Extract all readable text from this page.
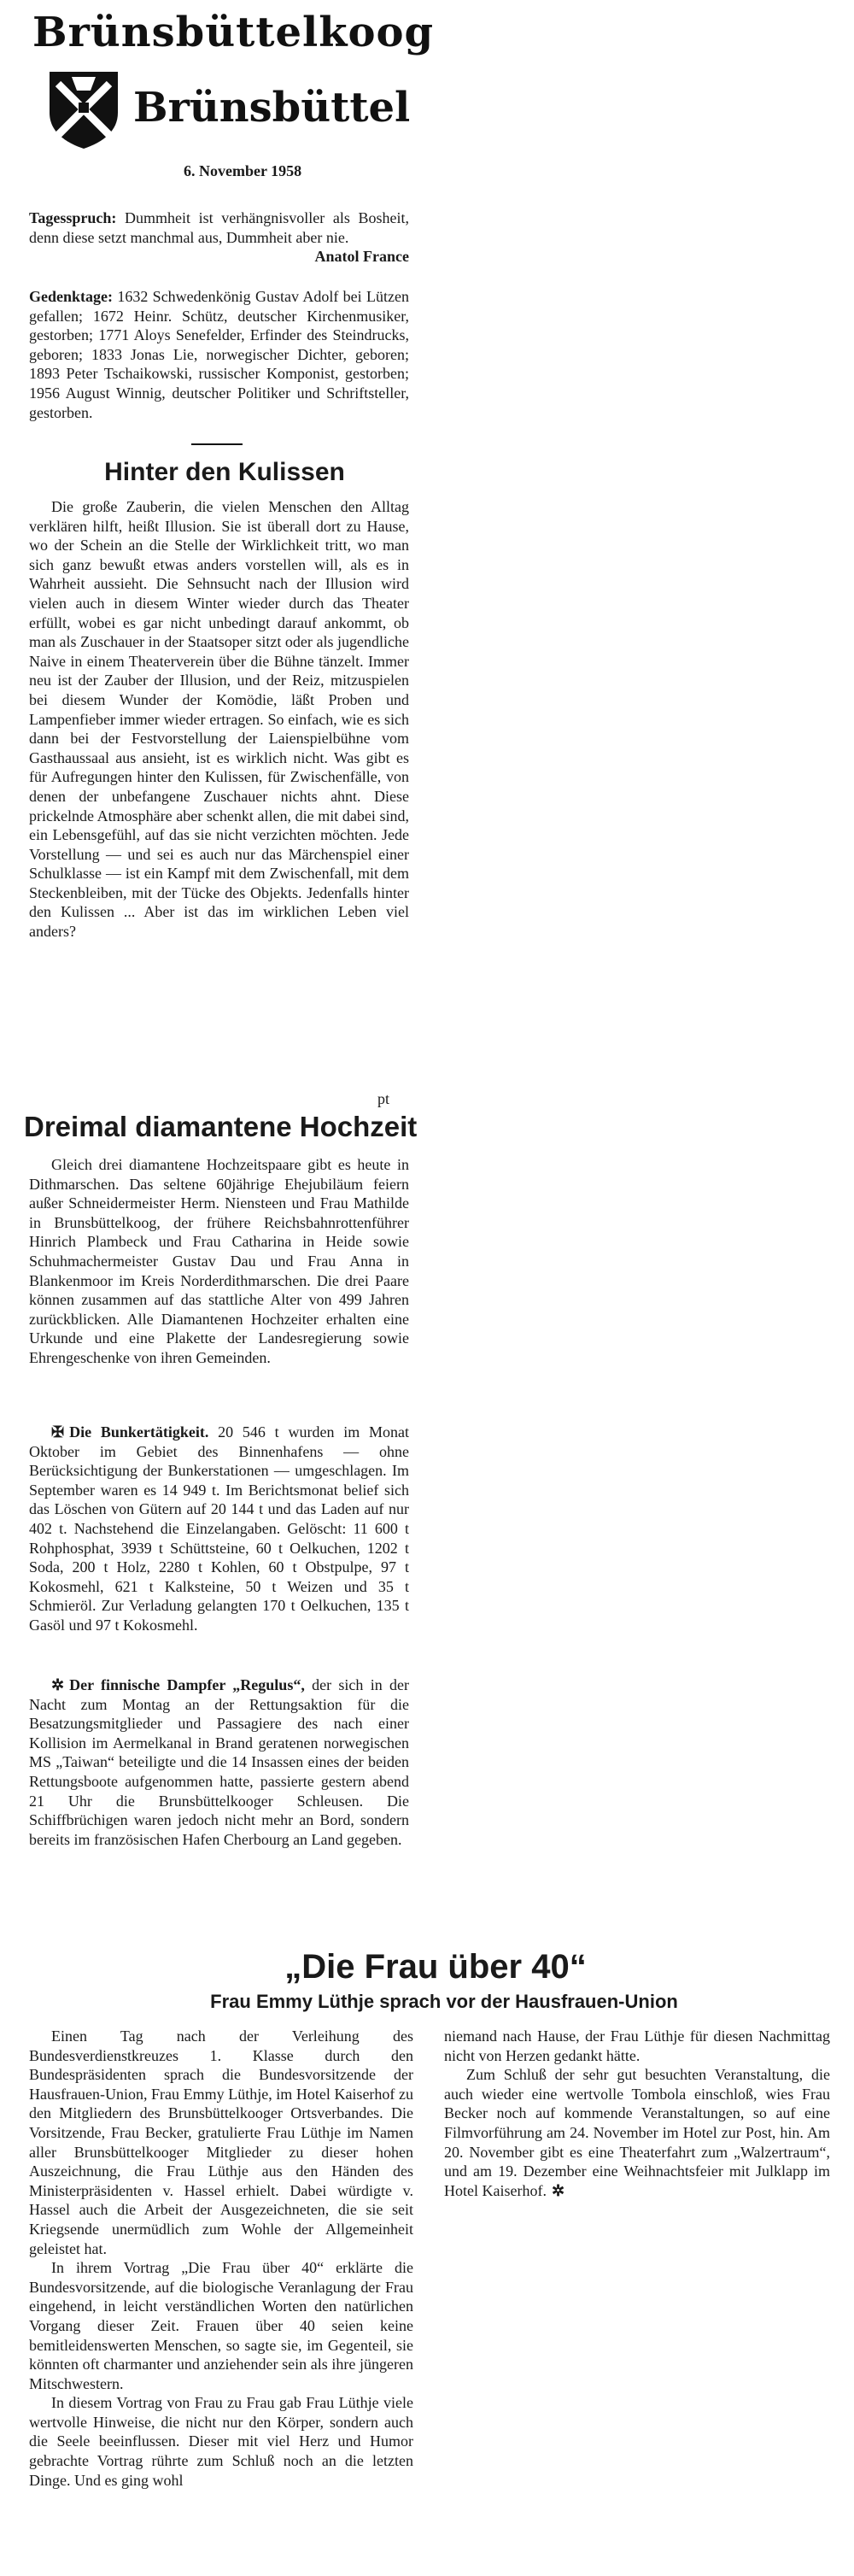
Brünsbüttelkoog
Brünsbüttel
6. November 1958

Tagesspruch: Dummheit ist verhängnisvoller als Bosheit, denn diese setzt manchmal aus, Dummheit aber nie.
Anatol France

Gedenktage: 1632 Schwedenkönig Gustav Adolf bei Lützen gefallen; 1672 Heinr. Schütz, deutscher Kirchenmusiker, gestorben; 1771 Aloys Senefelder, Erfinder des Steindrucks, geboren; 1833 Jonas Lie, norwegischer Dichter, geboren; 1893 Peter Tschaikowski, russischer Komponist, gestorben; 1956 August Winnig, deutscher Politiker und Schriftsteller, gestorben.

Hinter den Kulissen

Die große Zauberin, die vielen Menschen den Alltag verklären hilft, heißt Illusion. Sie ist überall dort zu Hause, wo der Schein an die Stelle der Wirklichkeit tritt, wo man sich ganz bewußt etwas anders vorstellen will, als es in Wahrheit aussieht. Die Sehnsucht nach der Illusion wird vielen auch in diesem Winter wieder durch das Theater erfüllt, wobei es gar nicht unbedingt darauf ankommt, ob man als Zuschauer in der Staatsoper sitzt oder als jugendliche Naive in einem Theaterverein über die Bühne tänzelt. Immer neu ist der Zauber der Illusion, und der Reiz, mitzuspielen bei diesem Wunder der Komödie, läßt Proben und Lampenfieber immer wieder ertragen. So einfach, wie es sich dann bei der Festvorstellung der Laienspielbühne vom Gasthaussaal aus ansieht, ist es wirklich nicht. Was gibt es für Aufregungen hinter den Kulissen, für Zwischenfälle, von denen der unbefangene Zuschauer nichts ahnt. Diese prickelnde Atmosphäre aber schenkt allen, die mit dabei sind, ein Lebensgefühl, auf das sie nicht verzichten möchten. Jede Vorstellung — und sei es auch nur das Märchenspiel einer Schulklasse — ist ein Kampf mit dem Zwischenfall, mit dem Steckenbleiben, mit der Tücke des Objekts. Jedenfalls hinter den Kulissen ... Aber ist das im wirklichen Leben viel anders?

pt
Dreimal diamantene Hochzeit

Gleich drei diamantene Hochzeitspaare gibt es heute in Dithmarschen. Das seltene 60jährige Ehejubiläum feiern außer Schneidermeister Herm. Niensteen und Frau Mathilde in Brunsbüttelkoog, der frühere Reichsbahnrottenführer Hinrich Plambeck und Frau Catharina in Heide sowie Schuhmachermeister Gustav Dau und Frau Anna in Blankenmoor im Kreis Norderdithmarschen. Die drei Paare können zusammen auf das stattliche Alter von 499 Jahren zurückblicken. Alle Diamantenen Hochzeiter erhalten eine Urkunde und eine Plakette der Landesregierung sowie Ehrengeschenke von ihren Gemeinden.

✠ Die Bunkertätigkeit. 20 546 t wurden im Monat Oktober im Gebiet des Binnenhafens — ohne Berücksichtigung der Bunkerstationen — umgeschlagen. Im September waren es 14 949 t. Im Berichtsmonat belief sich das Löschen von Gütern auf 20 144 t und das Laden auf nur 402 t. Nachstehend die Einzelangaben. Gelöscht: 11 600 t Rohphosphat, 3939 t Schüttsteine, 60 t Oelkuchen, 1202 t Soda, 200 t Holz, 2280 t Kohlen, 60 t Obstpulpe, 97 t Kokosmehl, 621 t Kalksteine, 50 t Weizen und 35 t Schmieröl. Zur Verladung gelangten 170 t Oelkuchen, 135 t Gasöl und 97 t Kokosmehl.

✲ Der finnische Dampfer „Regulus“, der sich in der Nacht zum Montag an der Rettungsaktion für die Besatzungsmitglieder und Passagiere des nach einer Kollision im Aermelkanal in Brand geratenen norwegischen MS „Taiwan“ beteiligte und die 14 Insassen eines der beiden Rettungsboote aufgenommen hatte, passierte gestern abend 21 Uhr die Brunsbüttelkooger Schleusen. Die Schiffbrüchigen waren jedoch nicht mehr an Bord, sondern bereits im französischen Hafen Cherbourg an Land gegeben.

„Die Frau über 40“
Frau Emmy Lüthje sprach vor der Hausfrauen-Union

Einen Tag nach der Verleihung des Bundesverdienstkreuzes 1. Klasse durch den Bundespräsidenten sprach die Bundesvorsitzende der Hausfrauen-Union, Frau Emmy Lüthje, im Hotel Kaiserhof zu den Mitgliedern des Brunsbüttelkooger Ortsverbandes. Die Vorsitzende, Frau Becker, gratulierte Frau Lüthje im Namen aller Brunsbüttelkooger Mitglieder zu dieser hohen Auszeichnung, die Frau Lüthje aus den Händen des Ministerpräsidenten v. Hassel erhielt. Dabei würdigte v. Hassel auch die Arbeit der Ausgezeichneten, die sie seit Kriegsende unermüdlich zum Wohle der Allgemeinheit geleistet hat.

In ihrem Vortrag „Die Frau über 40“ erklärte die Bundesvorsitzende, auf die biologische Veranlagung der Frau eingehend, in leicht verständlichen Worten den natürlichen Vorgang dieser Zeit. Frauen über 40 seien keine bemitleidenswerten Menschen, so sagte sie, im Gegenteil, sie könnten oft charmanter und anziehender sein als ihre jüngeren Mitschwestern.

In diesem Vortrag von Frau zu Frau gab Frau Lüthje viele wertvolle Hinweise, die nicht nur den Körper, sondern auch die Seele beeinflussen. Dieser mit viel Herz und Humor gebrachte Vortrag rührte zum Schluß noch an die letzten Dinge. Und es ging wohl

niemand nach Hause, der Frau Lüthje für diesen Nachmittag nicht von Herzen gedankt hätte.

Zum Schluß der sehr gut besuchten Veranstaltung, die auch wieder eine wertvolle Tombola einschloß, wies Frau Becker noch auf kommende Veranstaltungen, so auf eine Filmvorführung am 24. November im Hotel zur Post, hin. Am 20. November gibt es eine Theaterfahrt zum „Walzertraum“, und am 19. Dezember eine Weihnachtsfeier mit Julklapp im Hotel Kaiserhof. ✲
